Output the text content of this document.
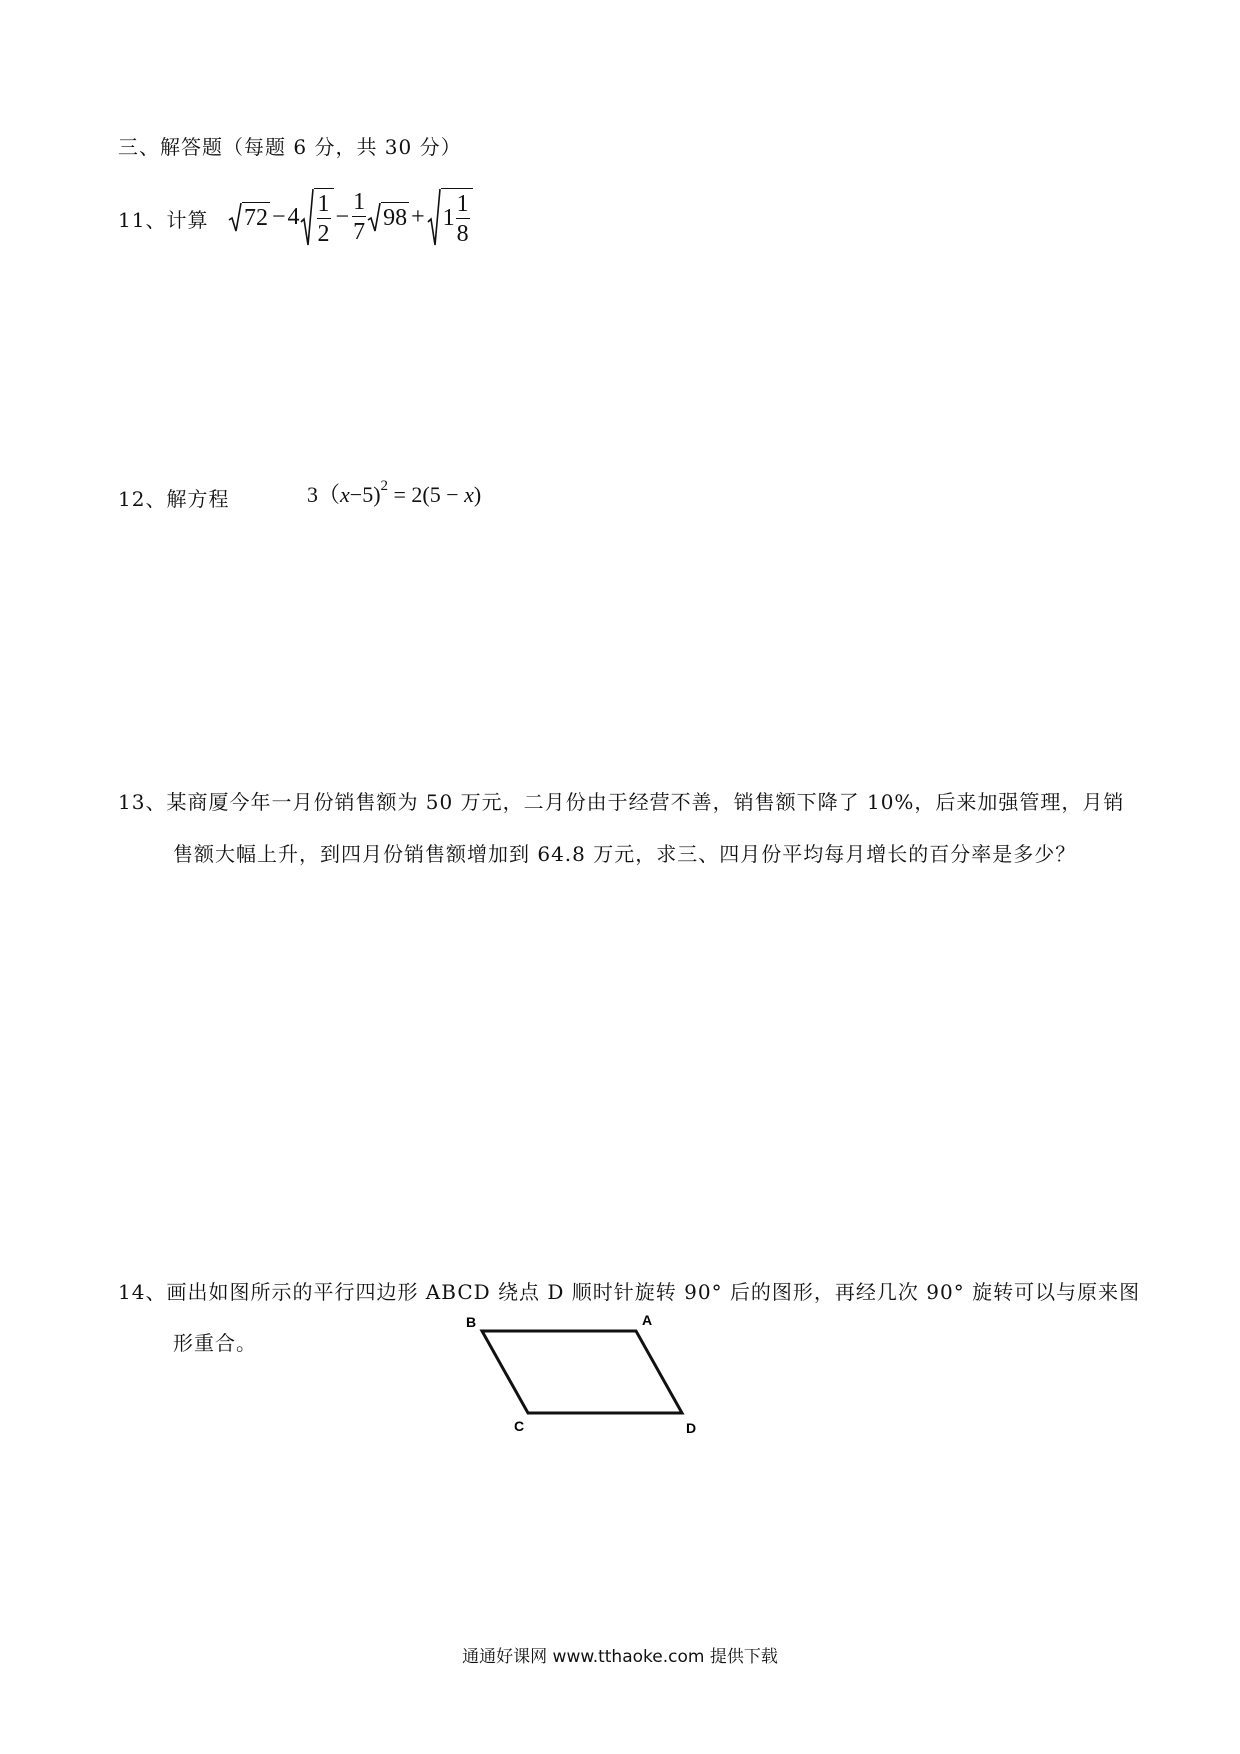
三、解答题（每题 6 分，共 30 分）
11、计算 $72 - 4 \frac{1}{2} - \frac{1}{7} 98 + 1 \frac{1}{8}$
12、解方程	3（x−5)$^2$ = 2(5 − x)
13、某商厦今年一月份销售额为 50 万元，二月份由于经营不善，销售额下降了 10%，后来加强管理，月销
售额大幅上升，到四月份销售额增加到 64.8 万元，求三、四月份平均每月增长的百分率是多少？
14、画出如图所示的平行四边形 ABCD 绕点 D 顺时针旋转 90° 后的图形，再经几次 90° 旋转可以与原来图
形重合。
B	A
C	D
通通好课网 www.tthaoke.com 提供下载
